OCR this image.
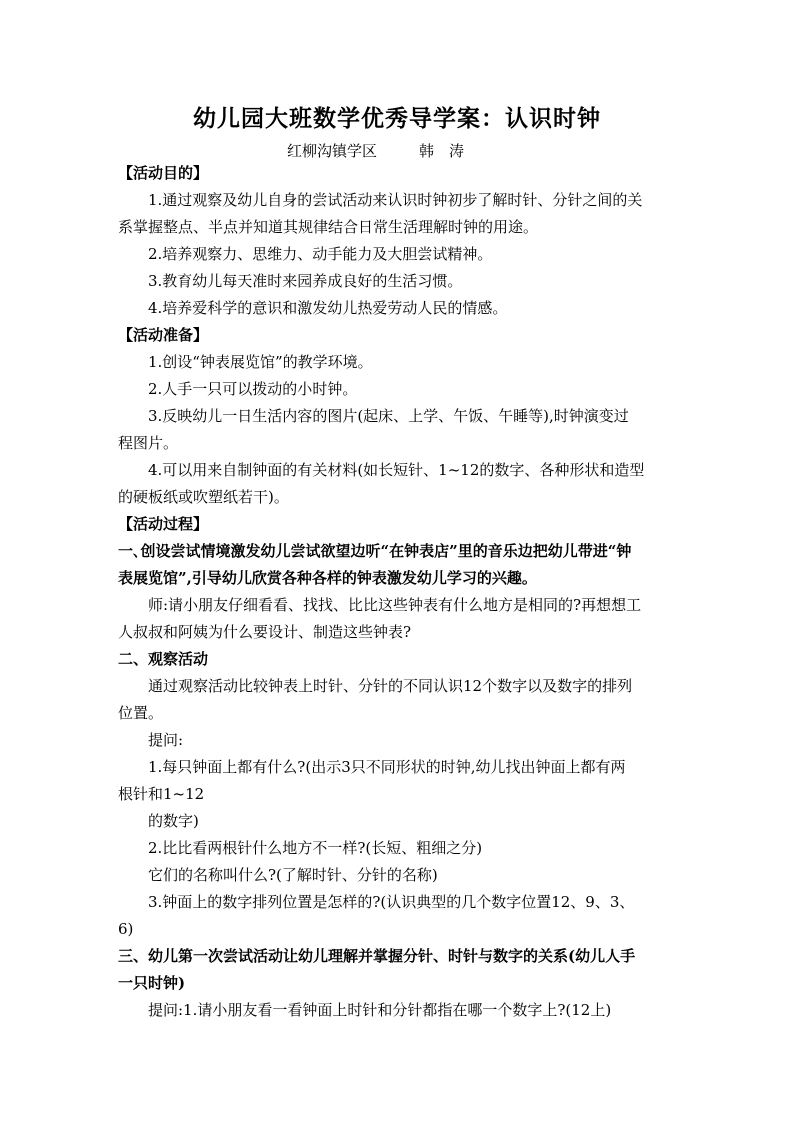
幼儿园大班数学优秀导学案：认识时钟
红柳沟镇学区	韩　涛
【活动目的】
1.通过观察及幼儿自身的尝试活动来认识时钟初步了解时针、分针之间的关
系掌握整点、半点并知道其规律结合日常生活理解时钟的用途。
2.培养观察力、思维力、动手能力及大胆尝试精神。
3.教育幼儿每天准时来园养成良好的生活习惯。
4.培养爱科学的意识和激发幼儿热爱劳动人民的情感。
【活动准备】
1.创设“钟表展览馆”的教学环境。
2.人手一只可以拨动的小时钟。
3.反映幼儿一日生活内容的图片(起床、上学、午饭、午睡等),时钟演变过
程图片。
4.可以用来自制钟面的有关材料(如长短针、1~12的数字、各种形状和造型
的硬板纸或吹塑纸若干)。
【活动过程】
一､创设尝试情境激发幼儿尝试欲望边听“在钟表店”里的音乐边把幼儿带进“钟
表展览馆”,引导幼儿欣赏各种各样的钟表激发幼儿学习的兴趣。
师:请小朋友仔细看看、找找、比比这些钟表有什么地方是相同的?再想想工
人叔叔和阿姨为什么要设计、制造这些钟表?
二、观察活动
通过观察活动比较钟表上时针、分针的不同认识12个数字以及数字的排列
位置。
提问:
1.每只钟面上都有什么?(出示3只不同形状的时钟,幼儿找出钟面上都有两
根针和1~12
的数字)
2.比比看两根针什么地方不一样?(长短、粗细之分)
它们的名称叫什么?(了解时针、分针的名称)
3.钟面上的数字排列位置是怎样的?(认识典型的几个数字位置12、9、3、
6)
三、幼儿第一次尝试活动让幼儿理解并掌握分针、时针与数字的关系(幼儿人手
一只时钟)
提问:1.请小朋友看一看钟面上时针和分针都指在哪一个数字上?(12上)
